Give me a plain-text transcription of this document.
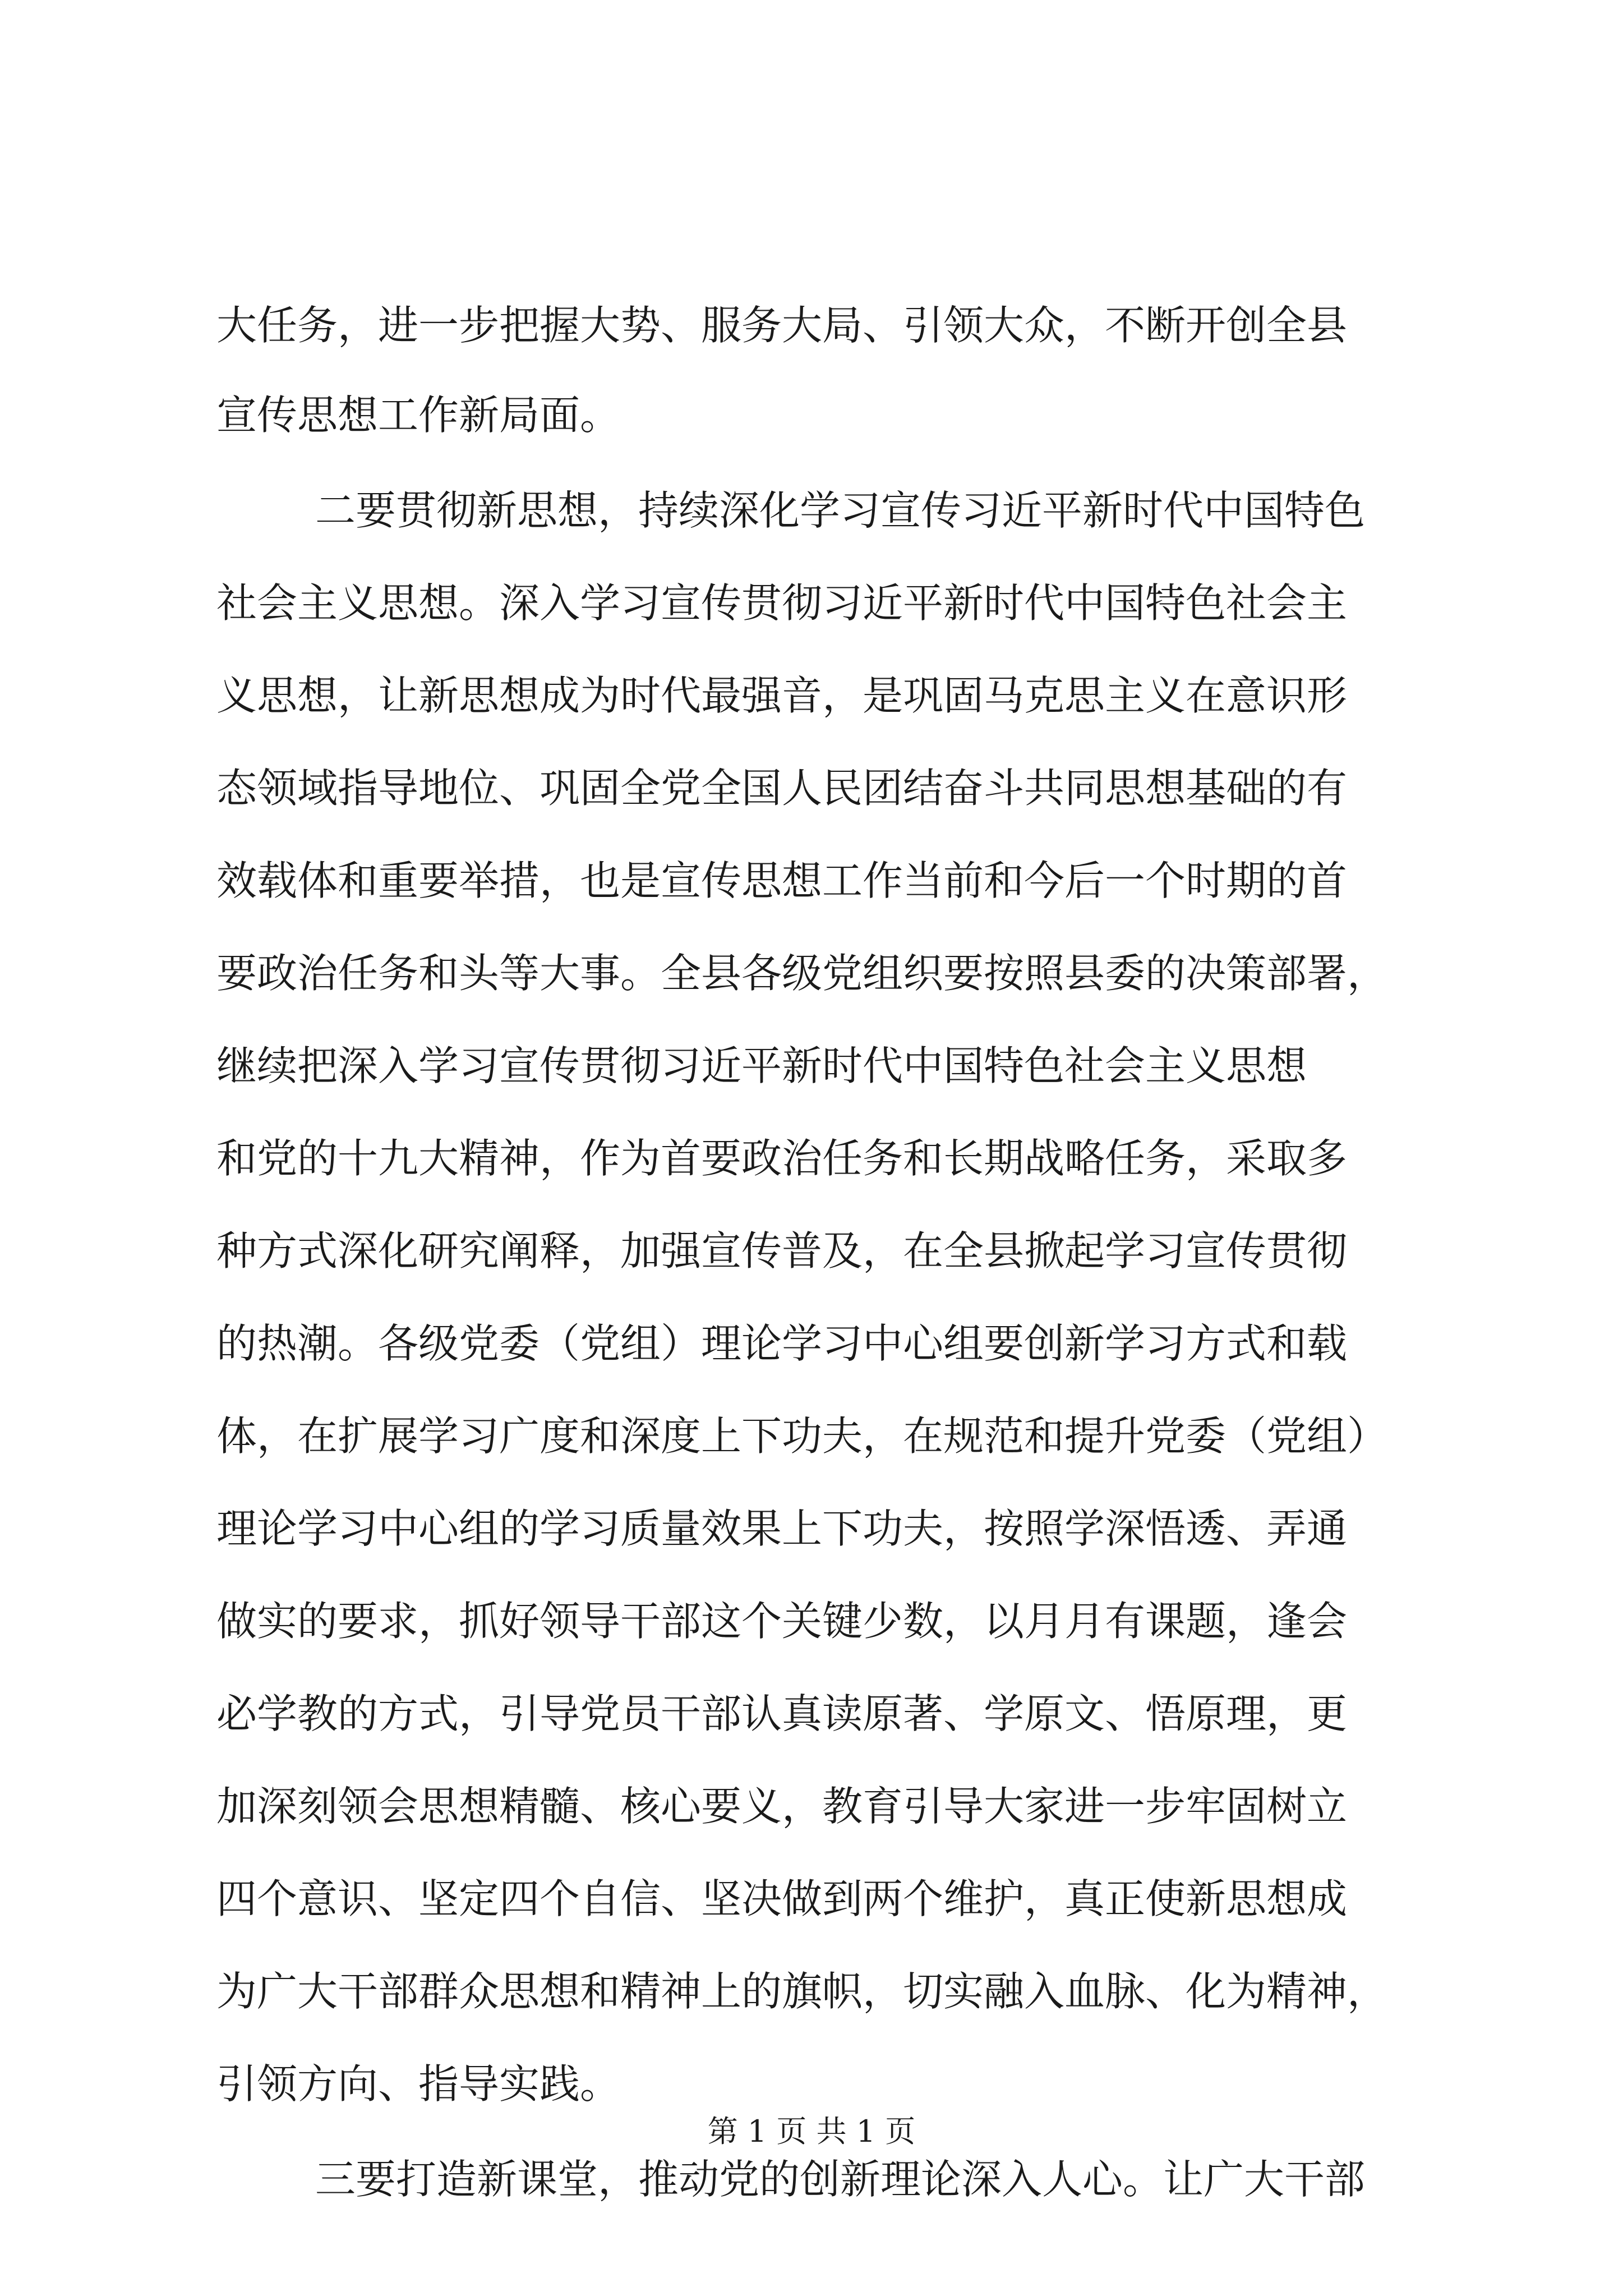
大任务，进一步把握大势、服务大局、引领大众，不断开创全县
宣传思想工作新局面。
二要贯彻新思想，持续深化学习宣传习近平新时代中国特色
社会主义思想。深入学习宣传贯彻习近平新时代中国特色社会主
义思想，让新思想成为时代最强音，是巩固马克思主义在意识形
态领域指导地位、巩固全党全国人民团结奋斗共同思想基础的有
效载体和重要举措，也是宣传思想工作当前和今后一个时期的首
要政治任务和头等大事。全县各级党组织要按照县委的决策部署，
继续把深入学习宣传贯彻习近平新时代中国特色社会主义思想
和党的十九大精神，作为首要政治任务和长期战略任务，采取多
种方式深化研究阐释，加强宣传普及，在全县掀起学习宣传贯彻
的热潮。各级党委（党组）理论学习中心组要创新学习方式和载
体，在扩展学习广度和深度上下功夫，在规范和提升党委（党组）
理论学习中心组的学习质量效果上下功夫，按照学深悟透、弄通
做实的要求，抓好领导干部这个关键少数，以月月有课题，逢会
必学教的方式，引导党员干部认真读原著、学原文、悟原理，更
加深刻领会思想精髓、核心要义，教育引导大家进一步牢固树立
四个意识、坚定四个自信、坚决做到两个维护，真正使新思想成
为广大干部群众思想和精神上的旗帜，切实融入血脉、化为精神，
引领方向、指导实践。
三要打造新课堂，推动党的创新理论深入人心。让广大干部
第 1 页 共 1 页
